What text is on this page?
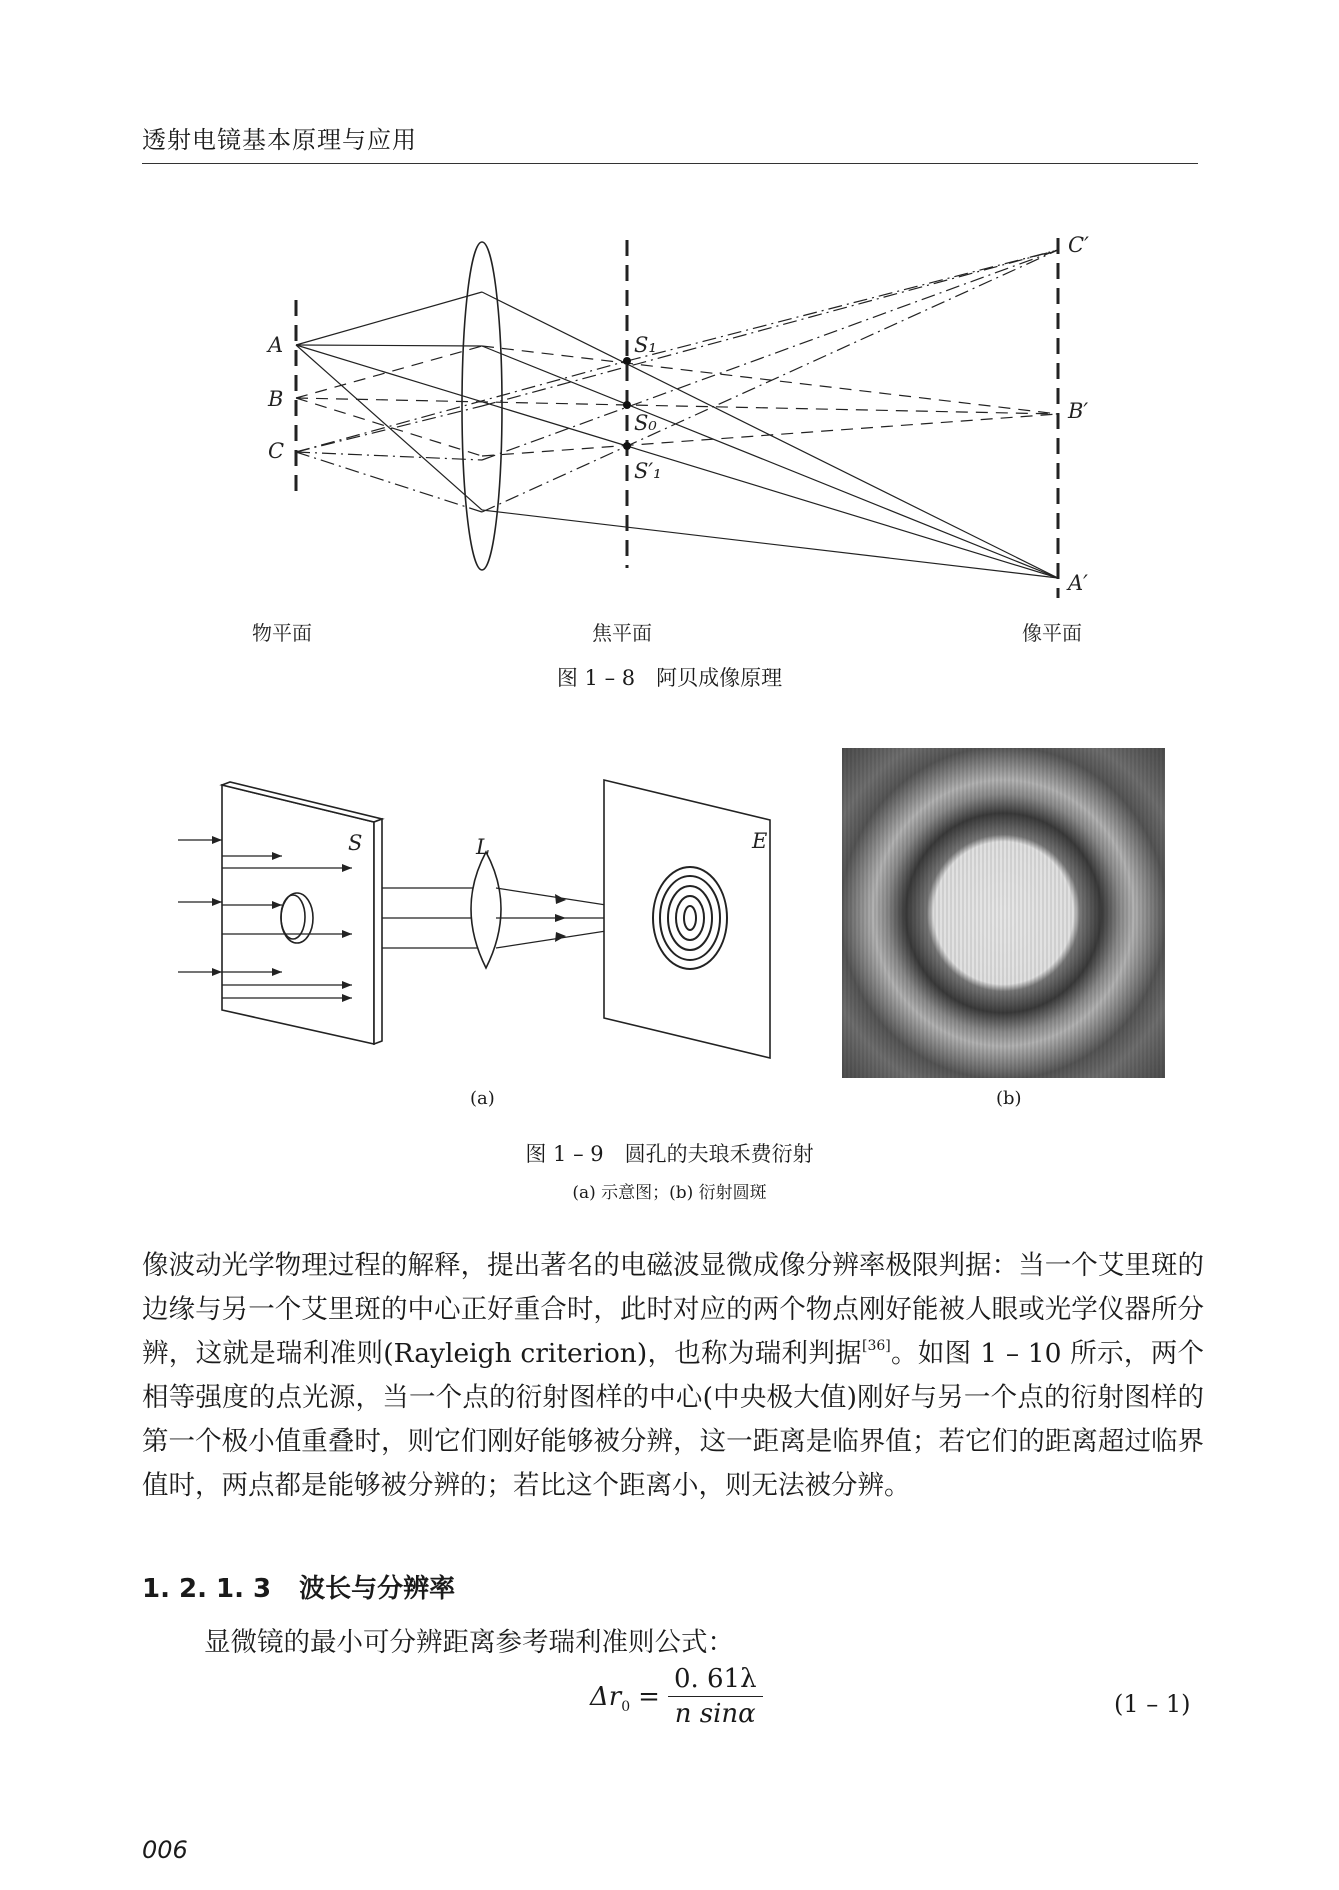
透射电镜基本原理与应用
A
B
C
S₁
S₀
S′₁
C′
B′
A′
物平面	焦平面	像平面
图 1 – 8　阿贝成像原理
S	L	E
(a)	(b)
图 1 – 9　圆孔的夫琅禾费衍射
(a) 示意图；(b) 衍射圆斑
像波动光学物理过程的解释，提出著名的电磁波显微成像分辨率极限判据：当一个艾里斑的边缘与另一个艾里斑的中心正好重合时，此时对应的两个物点刚好能被人眼或光学仪器所分辨，这就是瑞利准则(Rayleigh criterion)，也称为瑞利判据[36]。如图 1 – 10 所示，两个相等强度的点光源，当一个点的衍射图样的中心(中央极大值)刚好与另一个点的衍射图样的第一个极小值重叠时，则它们刚好能够被分辨，这一距离是临界值；若它们的距离超过临界值时，两点都是能够被分辨的；若比这个距离小，则无法被分辨。
1. 2. 1. 3 波长与分辨率
显微镜的最小可分辨距离参考瑞利准则公式：
Δr $0 = \frac{0. 61\lambda}{\text{n sinα}}$	(1 – 1)
006
